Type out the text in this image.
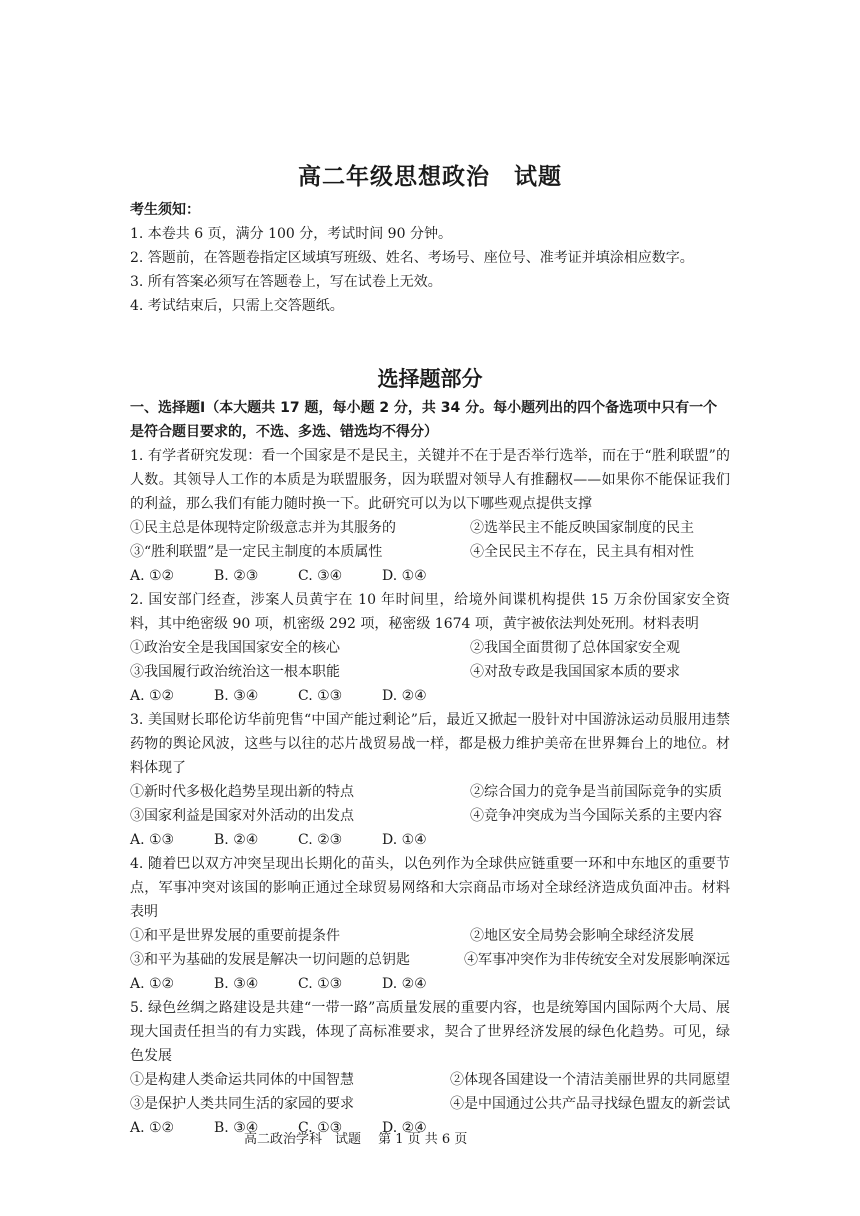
高二年级思想政治　试题
考生须知：
1. 本卷共 6 页，满分 100 分，考试时间 90 分钟。
2. 答题前，在答题卷指定区域填写班级、姓名、考场号、座位号、准考证并填涂相应数字。
3. 所有答案必须写在答题卷上，写在试卷上无效。
4. 考试结束后，只需上交答题纸。
选择题部分
一、选择题Ⅰ（本大题共 17 题，每小题 2 分，共 34 分。每小题列出的四个备选项中只有一个是符合题目要求的，不选、多选、错选均不得分）
1. 有学者研究发现：看一个国家是不是民主，关键并不在于是否举行选举，而在于“胜利联盟”的人数。其领导人工作的本质是为联盟服务，因为联盟对领导人有推翻权——如果你不能保证我们的利益，那么我们有能力随时换一下。此研究可以为以下哪些观点提供支撑
①民主总是体现特定阶级意志并为其服务的	②选举民主不能反映国家制度的民主
③“胜利联盟”是一定民主制度的本质属性	④全民民主不存在，民主具有相对性
A. ①②	B. ②③	C. ③④	D. ①④
2. 国安部门经查，涉案人员黄宇在 10 年时间里，给境外间谍机构提供 15 万余份国家安全资料，其中绝密级 90 项，机密级 292 项，秘密级 1674 项，黄宇被依法判处死刑。材料表明
①政治安全是我国国家安全的核心	②我国全面贯彻了总体国家安全观
③我国履行政治统治这一根本职能	④对敌专政是我国国家本质的要求
A. ①②	B. ③④	C. ①③	D. ②④
3. 美国财长耶伦访华前兜售“中国产能过剩论”后，最近又掀起一股针对中国游泳运动员服用违禁药物的舆论风波，这些与以往的芯片战贸易战一样，都是极力维护美帝在世界舞台上的地位。材料体现了
①新时代多极化趋势呈现出新的特点	②综合国力的竞争是当前国际竞争的实质
③国家利益是国家对外活动的出发点	④竞争冲突成为当今国际关系的主要内容
A. ①③	B. ②④	C. ②③	D. ①④
4. 随着巴以双方冲突呈现出长期化的苗头，以色列作为全球供应链重要一环和中东地区的重要节点，军事冲突对该国的影响正通过全球贸易网络和大宗商品市场对全球经济造成负面冲击。材料表明
①和平是世界发展的重要前提条件	②地区安全局势会影响全球经济发展
③和平为基础的发展是解决一切问题的总钥匙	④军事冲突作为非传统安全对发展影响深远
A. ①②	B. ③④	C. ①③	D. ②④
5. 绿色丝绸之路建设是共建“一带一路”高质量发展的重要内容，也是统筹国内国际两个大局、展现大国责任担当的有力实践，体现了高标准要求，契合了世界经济发展的绿色化趋势。可见，绿色发展
①是构建人类命运共同体的中国智慧	②体现各国建设一个清洁美丽世界的共同愿望
③是保护人类共同生活的家园的要求	④是中国通过公共产品寻找绿色盟友的新尝试
A. ①②	B. ③④	C. ①③	D. ②④
高二政治学科　试题　 第 1 页 共 6 页
